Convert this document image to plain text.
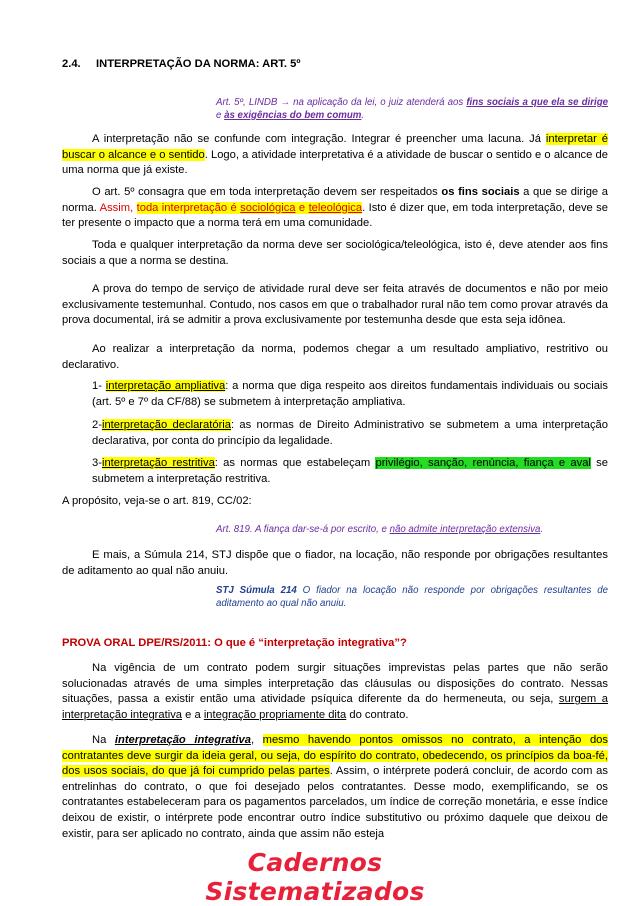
2.4. INTERPRETAÇÃO DA NORMA: ART. 5º
Art. 5º, LINDB → na aplicação da lei, o juiz atenderá aos fins sociais a que ela se dirige e às exigências do bem comum.

A interpretação não se confunde com integração. Integrar é preencher uma lacuna. Já interpretar é buscar o alcance e o sentido. Logo, a atividade interpretativa é a atividade de buscar o sentido e o alcance de uma norma que já existe.

O art. 5º consagra que em toda interpretação devem ser respeitados os fins sociais a que se dirige a norma. Assim, toda interpretação é sociológica e teleológica. Isto é dizer que, em toda interpretação, deve se ter presente o impacto que a norma terá em uma comunidade.

Toda e qualquer interpretação da norma deve ser sociológica/teleológica, isto é, deve atender aos fins sociais a que a norma se destina.

A prova do tempo de serviço de atividade rural deve ser feita através de documentos e não por meio exclusivamente testemunhal. Contudo, nos casos em que o trabalhador rural não tem como provar através da prova documental, irá se admitir a prova exclusivamente por testemunha desde que esta seja idônea.

Ao realizar a interpretação da norma, podemos chegar a um resultado ampliativo, restritivo ou declarativo.

1- interpretação ampliativa: a norma que diga respeito aos direitos fundamentais individuais ou sociais (art. 5º e 7º da CF/88) se submetem à interpretação ampliativa.

2-interpretação declaratória: as normas de Direito Administrativo se submetem a uma interpretação declarativa, por conta do princípio da legalidade.

3-interpretação restritiva: as normas que estabeleçam privilégio, sanção, renúncia, fiança e aval se submetem a interpretação restritiva.

A propósito, veja-se o art. 819, CC/02:

Art. 819. A fiança dar-se-á por escrito, e não admite interpretação extensiva.

E mais, a Súmula 214, STJ dispõe que o fiador, na locação, não responde por obrigações resultantes de aditamento ao qual não anuiu.

STJ Súmula 214 O fiador na locação não responde por obrigações resultantes de aditamento ao qual não anuiu.
PROVA ORAL DPE/RS/2011: O que é “interpretação integrativa”?

Na vigência de um contrato podem surgir situações imprevistas pelas partes que não serão solucionadas através de uma simples interpretação das cláusulas ou disposições do contrato. Nessas situações, passa a existir então uma atividade psíquica diferente da do hermeneuta, ou seja, surgem a interpretação integrativa e a integração propriamente dita do contrato.

Na interpretação integrativa, mesmo havendo pontos omissos no contrato, a intenção dos contratantes deve surgir da ideia geral, ou seja, do espírito do contrato, obedecendo, os princípios da boa-fé, dos usos sociais, do que já foi cumprido pelas partes. Assim, o intérprete poderá concluir, de acordo com as entrelinhas do contrato, o que foi desejado pelos contratantes. Desse modo, exemplificando, se os contratantes estabeleceram para os pagamentos parcelados, um índice de correção monetária, e esse índice deixou de existir, o intérprete pode encontrar outro índice substitutivo ou próximo daquele que deixou de existir, para ser aplicado no contrato, ainda que assim não esteja

Cadernos Sistematizados
